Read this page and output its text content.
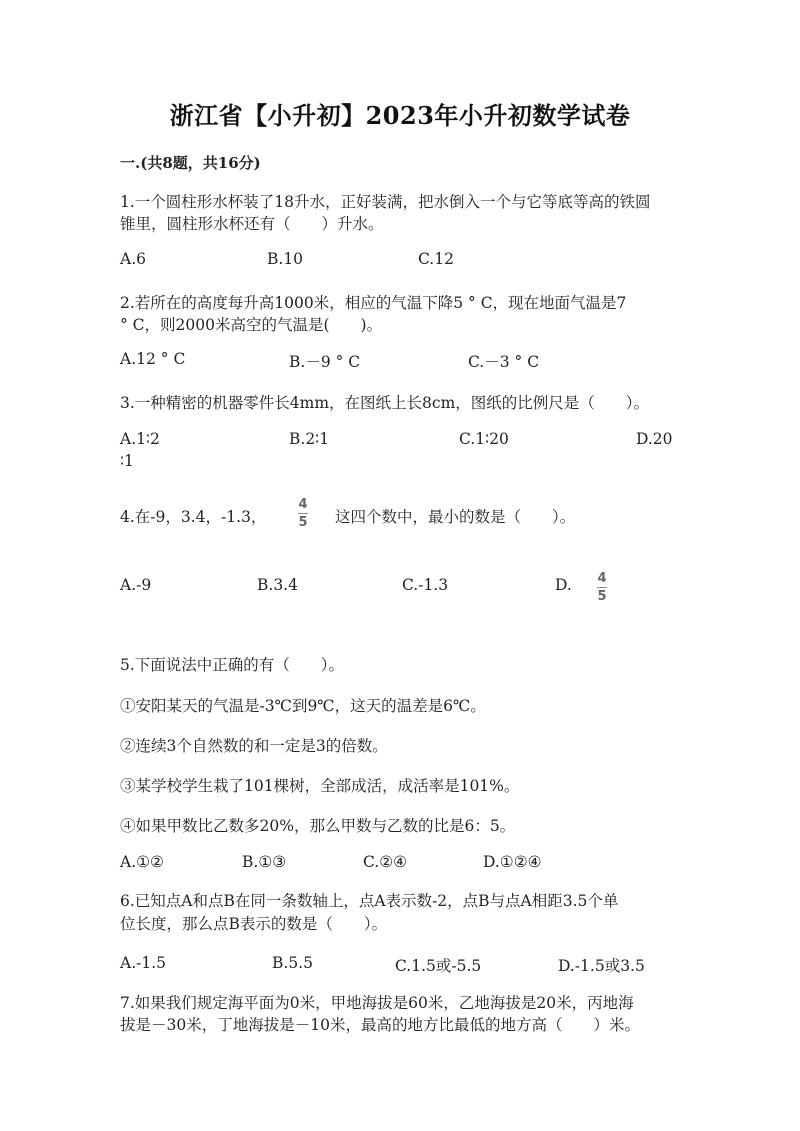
浙江省【小升初】2023年小升初数学试卷
一.(共8题，共16分)
1.一个圆柱形水杯装了18升水，正好装满，把水倒入一个与它等底等高的铁圆
锥里，圆柱形水杯还有（　　）升水。
A.6	B.10	C.12
2.若所在的高度每升高1000米，相应的气温下降5 ° C，现在地面气温是7
° C，则2000米高空的气温是(　　)。
A.12 ° C	B.－9 ° C	C.－3 ° C
3.一种精密的机器零件长4mm，在图纸上长8cm，图纸的比例尺是（　　）。
A.1∶2	B.2∶1	C.1∶20	D.20
∶1
4.在-9，3.4，-1.3，
4
5 这四个数中，最小的数是（　　）。
A.-9	B.3.4	C.-1.3	D. 4
5
5.下面说法中正确的有（　　）。
①安阳某天的气温是-3℃到9℃，这天的温差是6℃。
②连续3个自然数的和一定是3的倍数。
③某学校学生栽了101棵树，全部成活，成活率是101%。
④如果甲数比乙数多20%，那么甲数与乙数的比是6：5。
A.①②	B.①③	C.②④	D.①②④
6.已知点A和点B在同一条数轴上，点A表示数-2，点B与点A相距3.5个单
位长度，那么点B表示的数是（　　）。
A.-1.5	B.5.5	C.1.5或-5.5	D.-1.5或3.5
7.如果我们规定海平面为0米，甲地海拔是60米，乙地海拔是20米，丙地海
拔是－30米，丁地海拔是－10米，最高的地方比最低的地方高（　　）米。
